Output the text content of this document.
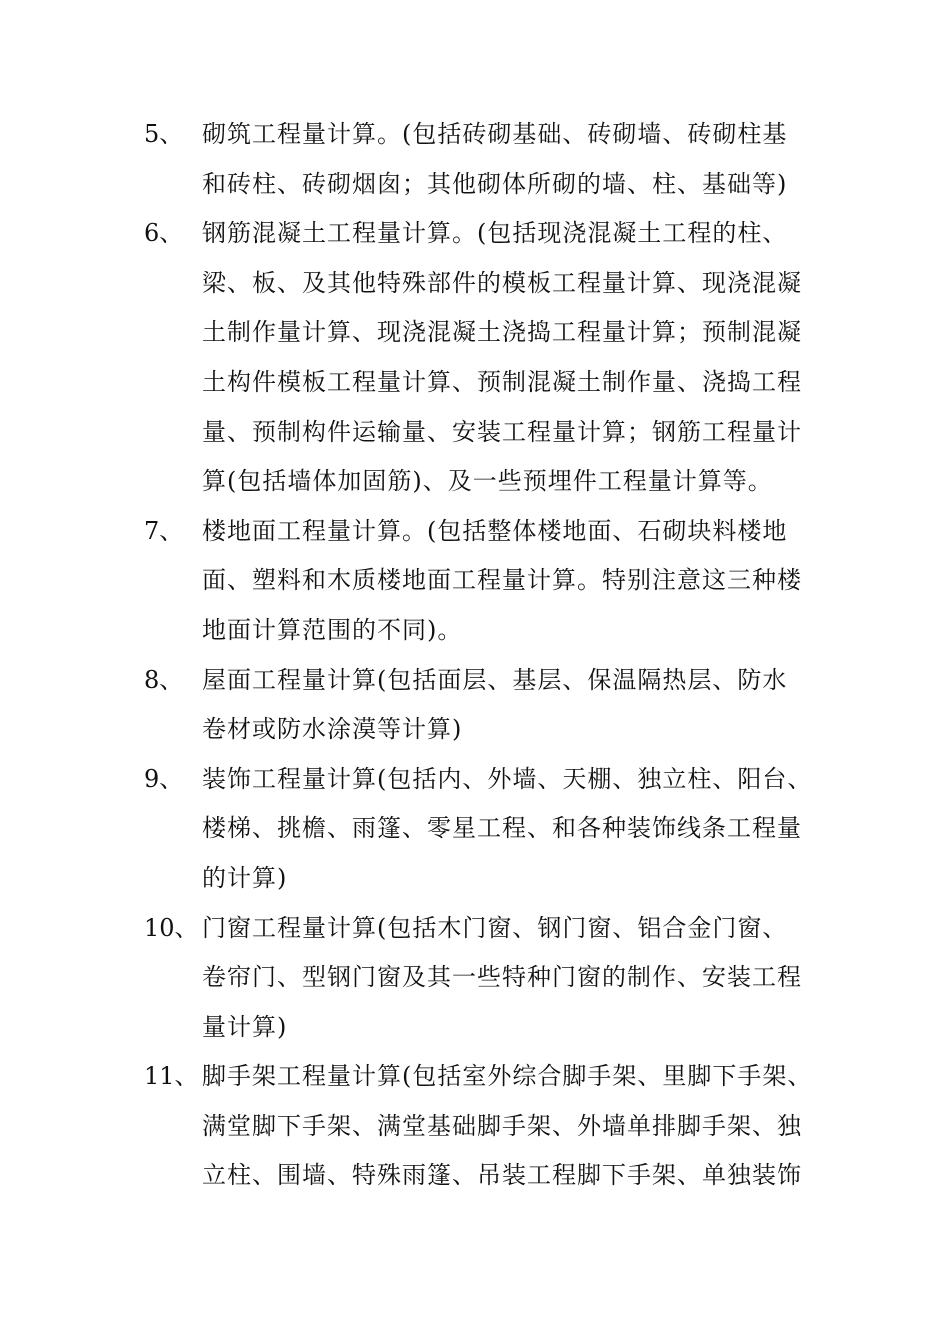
5、 砌筑工程量计算。(包括砖砌基础、砖砌墙、砖砌柱基
和砖柱、砖砌烟囱；其他砌体所砌的墙、柱、基础等)
6、 钢筋混凝土工程量计算。(包括现浇混凝土工程的柱、
梁、板、及其他特殊部件的模板工程量计算、现浇混凝
土制作量计算、现浇混凝土浇捣工程量计算；预制混凝
土构件模板工程量计算、预制混凝土制作量、浇捣工程
量、预制构件运输量、安装工程量计算；钢筋工程量计
算(包括墙体加固筋)、及一些预埋件工程量计算等。
7、 楼地面工程量计算。(包括整体楼地面、石砌块料楼地
面、塑料和木质楼地面工程量计算。特别注意这三种楼
地面计算范围的不同)。
8、 屋面工程量计算(包括面层、基层、保温隔热层、防水
卷材或防水涂漠等计算)
9、 装饰工程量计算(包括内、外墙、天棚、独立柱、阳台、
楼梯、挑檐、雨篷、零星工程、和各种装饰线条工程量
的计算)
10、 门窗工程量计算(包括木门窗、钢门窗、铝合金门窗、
卷帘门、型钢门窗及其一些特种门窗的制作、安装工程
量计算)
11、 脚手架工程量计算(包括室外综合脚手架、里脚下手架、
满堂脚下手架、满堂基础脚手架、外墙单排脚手架、独
立柱、围墙、特殊雨篷、吊装工程脚下手架、单独装饰
